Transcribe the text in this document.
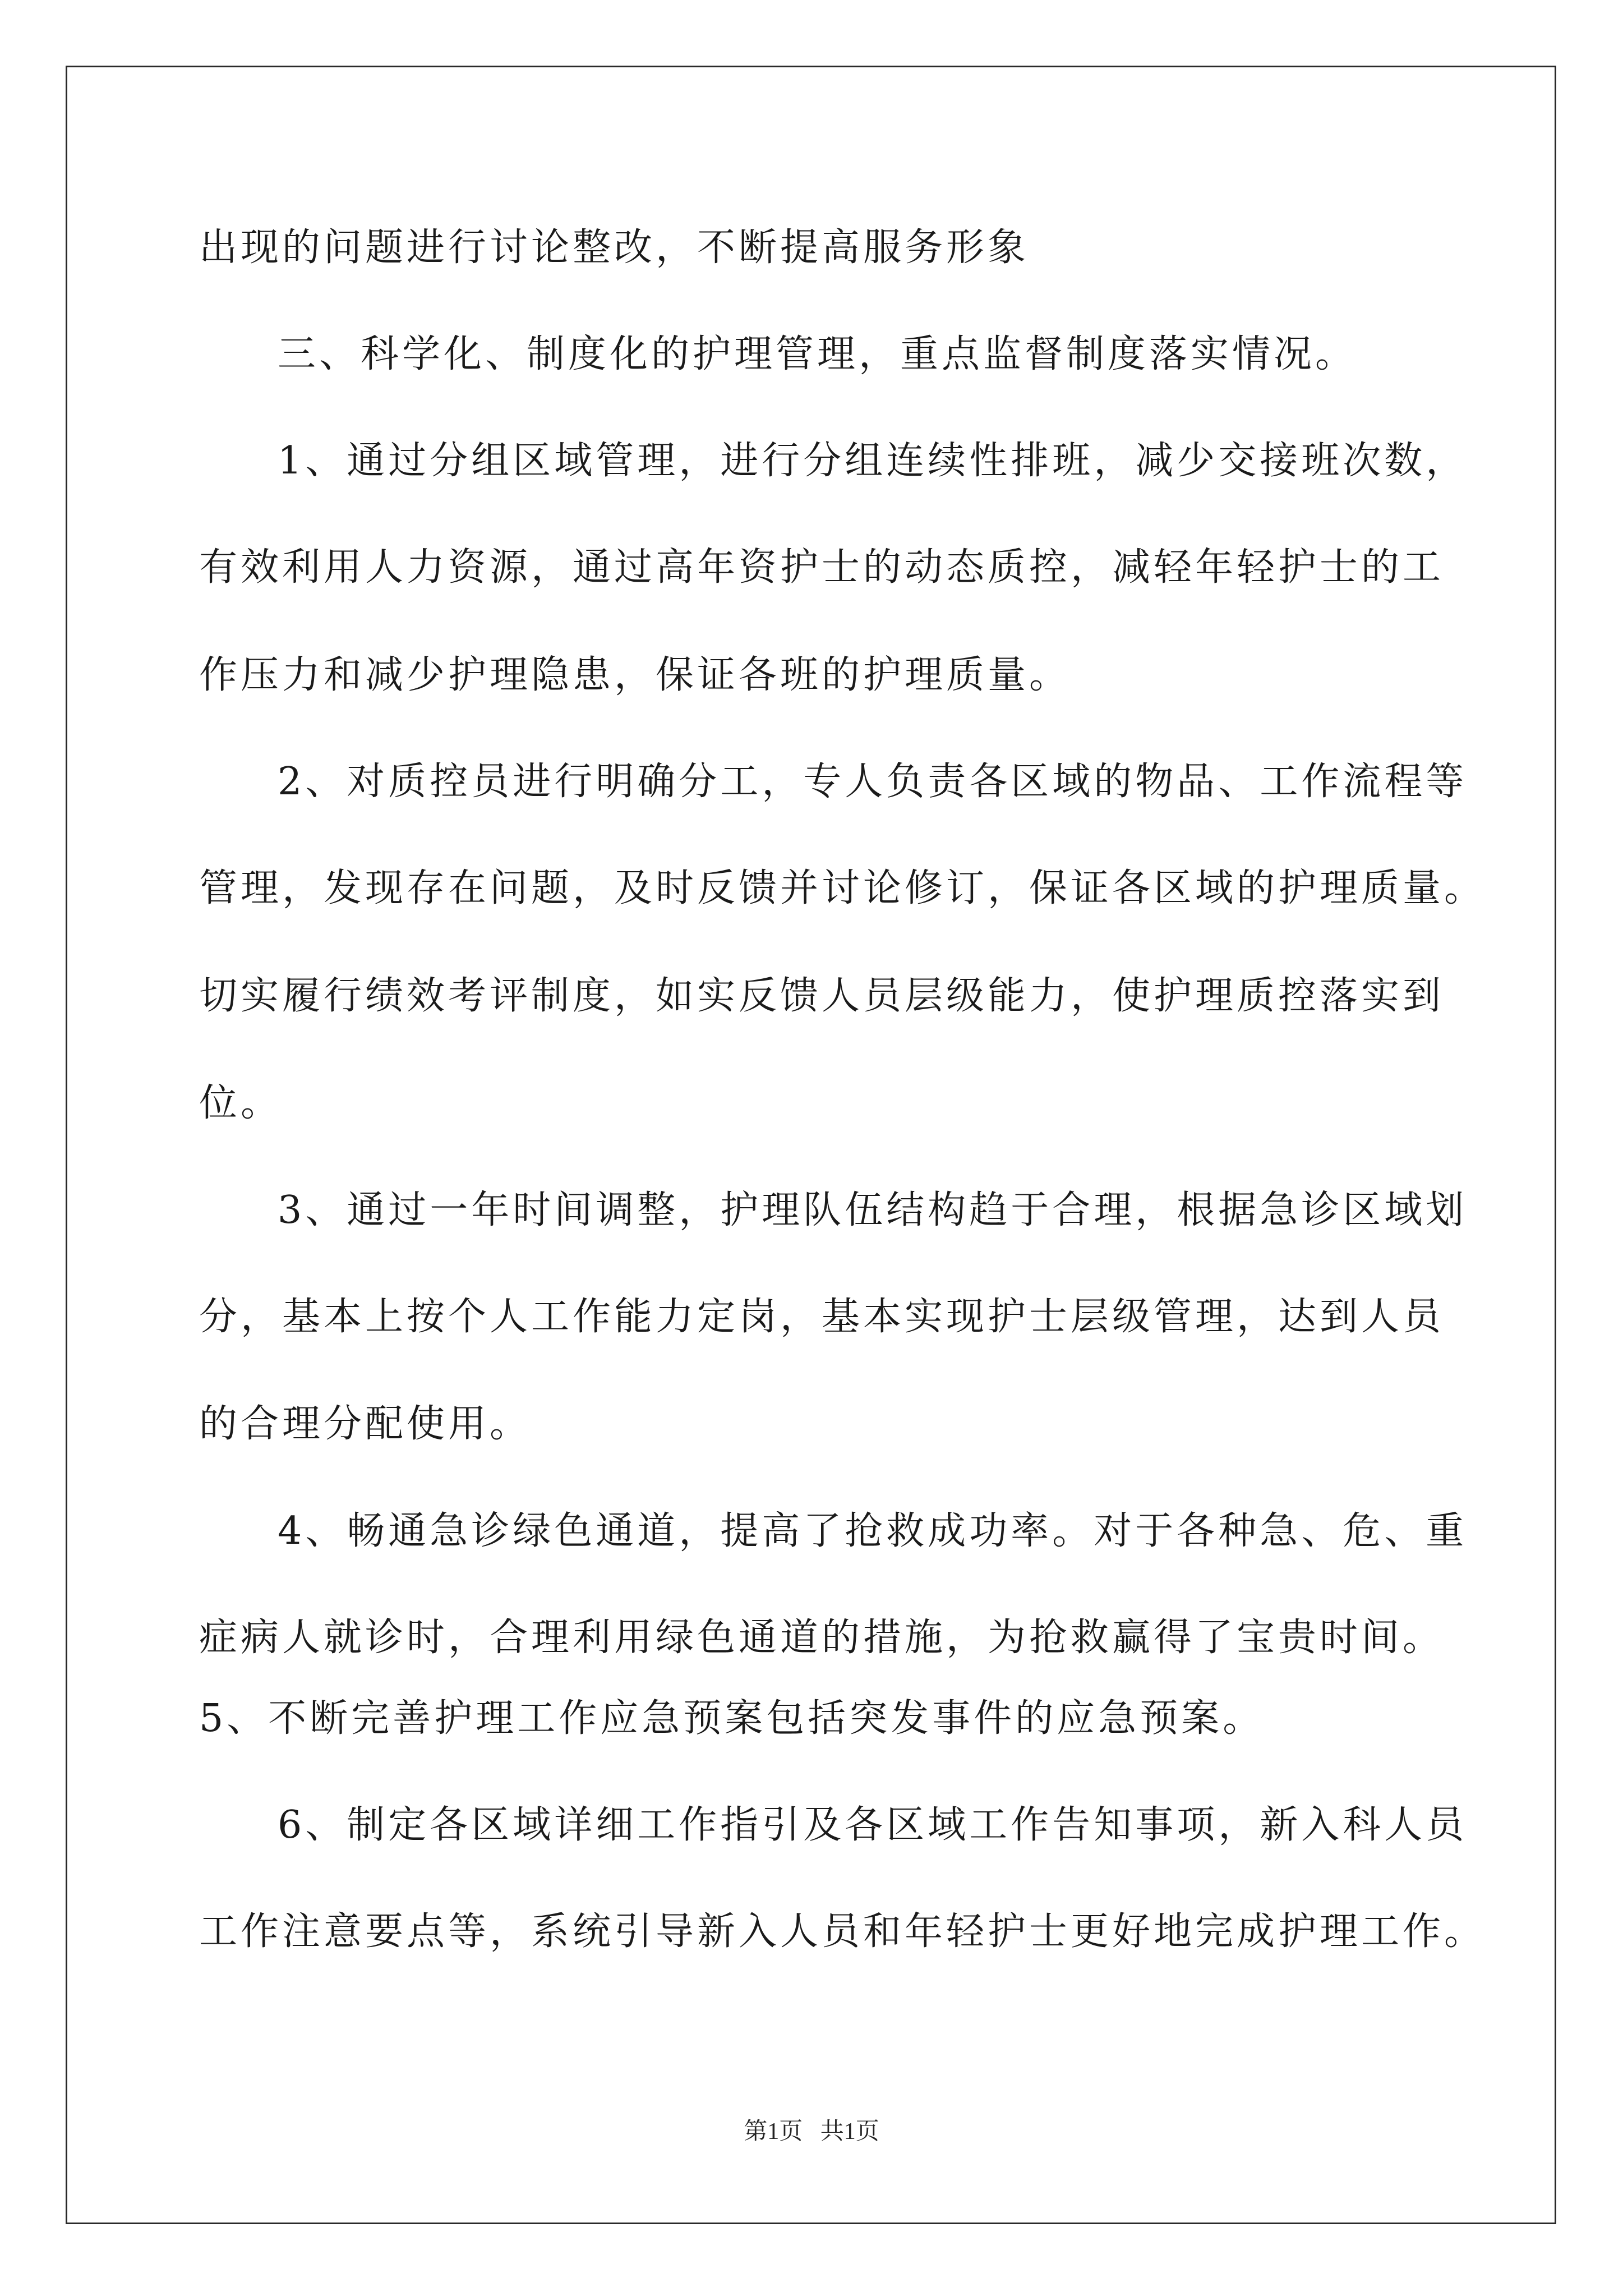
出现的问题进行讨论整改，不断提高服务形象
三、科学化、制度化的护理管理，重点监督制度落实情况。
1、通过分组区域管理，进行分组连续性排班，减少交接班次数，
有效利用人力资源，通过高年资护士的动态质控，减轻年轻护士的工
作压力和减少护理隐患，保证各班的护理质量。
2、对质控员进行明确分工，专人负责各区域的物品、工作流程等
管理，发现存在问题，及时反馈并讨论修订，保证各区域的护理质量。
切实履行绩效考评制度，如实反馈人员层级能力，使护理质控落实到
位。
3、通过一年时间调整，护理队伍结构趋于合理，根据急诊区域划
分，基本上按个人工作能力定岗，基本实现护士层级管理，达到人员
的合理分配使用。
4、畅通急诊绿色通道，提高了抢救成功率。对于各种急、危、重
症病人就诊时，合理利用绿色通道的措施，为抢救赢得了宝贵时间。
5、不断完善护理工作应急预案包括突发事件的应急预案。
6、制定各区域详细工作指引及各区域工作告知事项，新入科人员
工作注意要点等，系统引导新入人员和年轻护士更好地完成护理工作。
第1页   共1页
